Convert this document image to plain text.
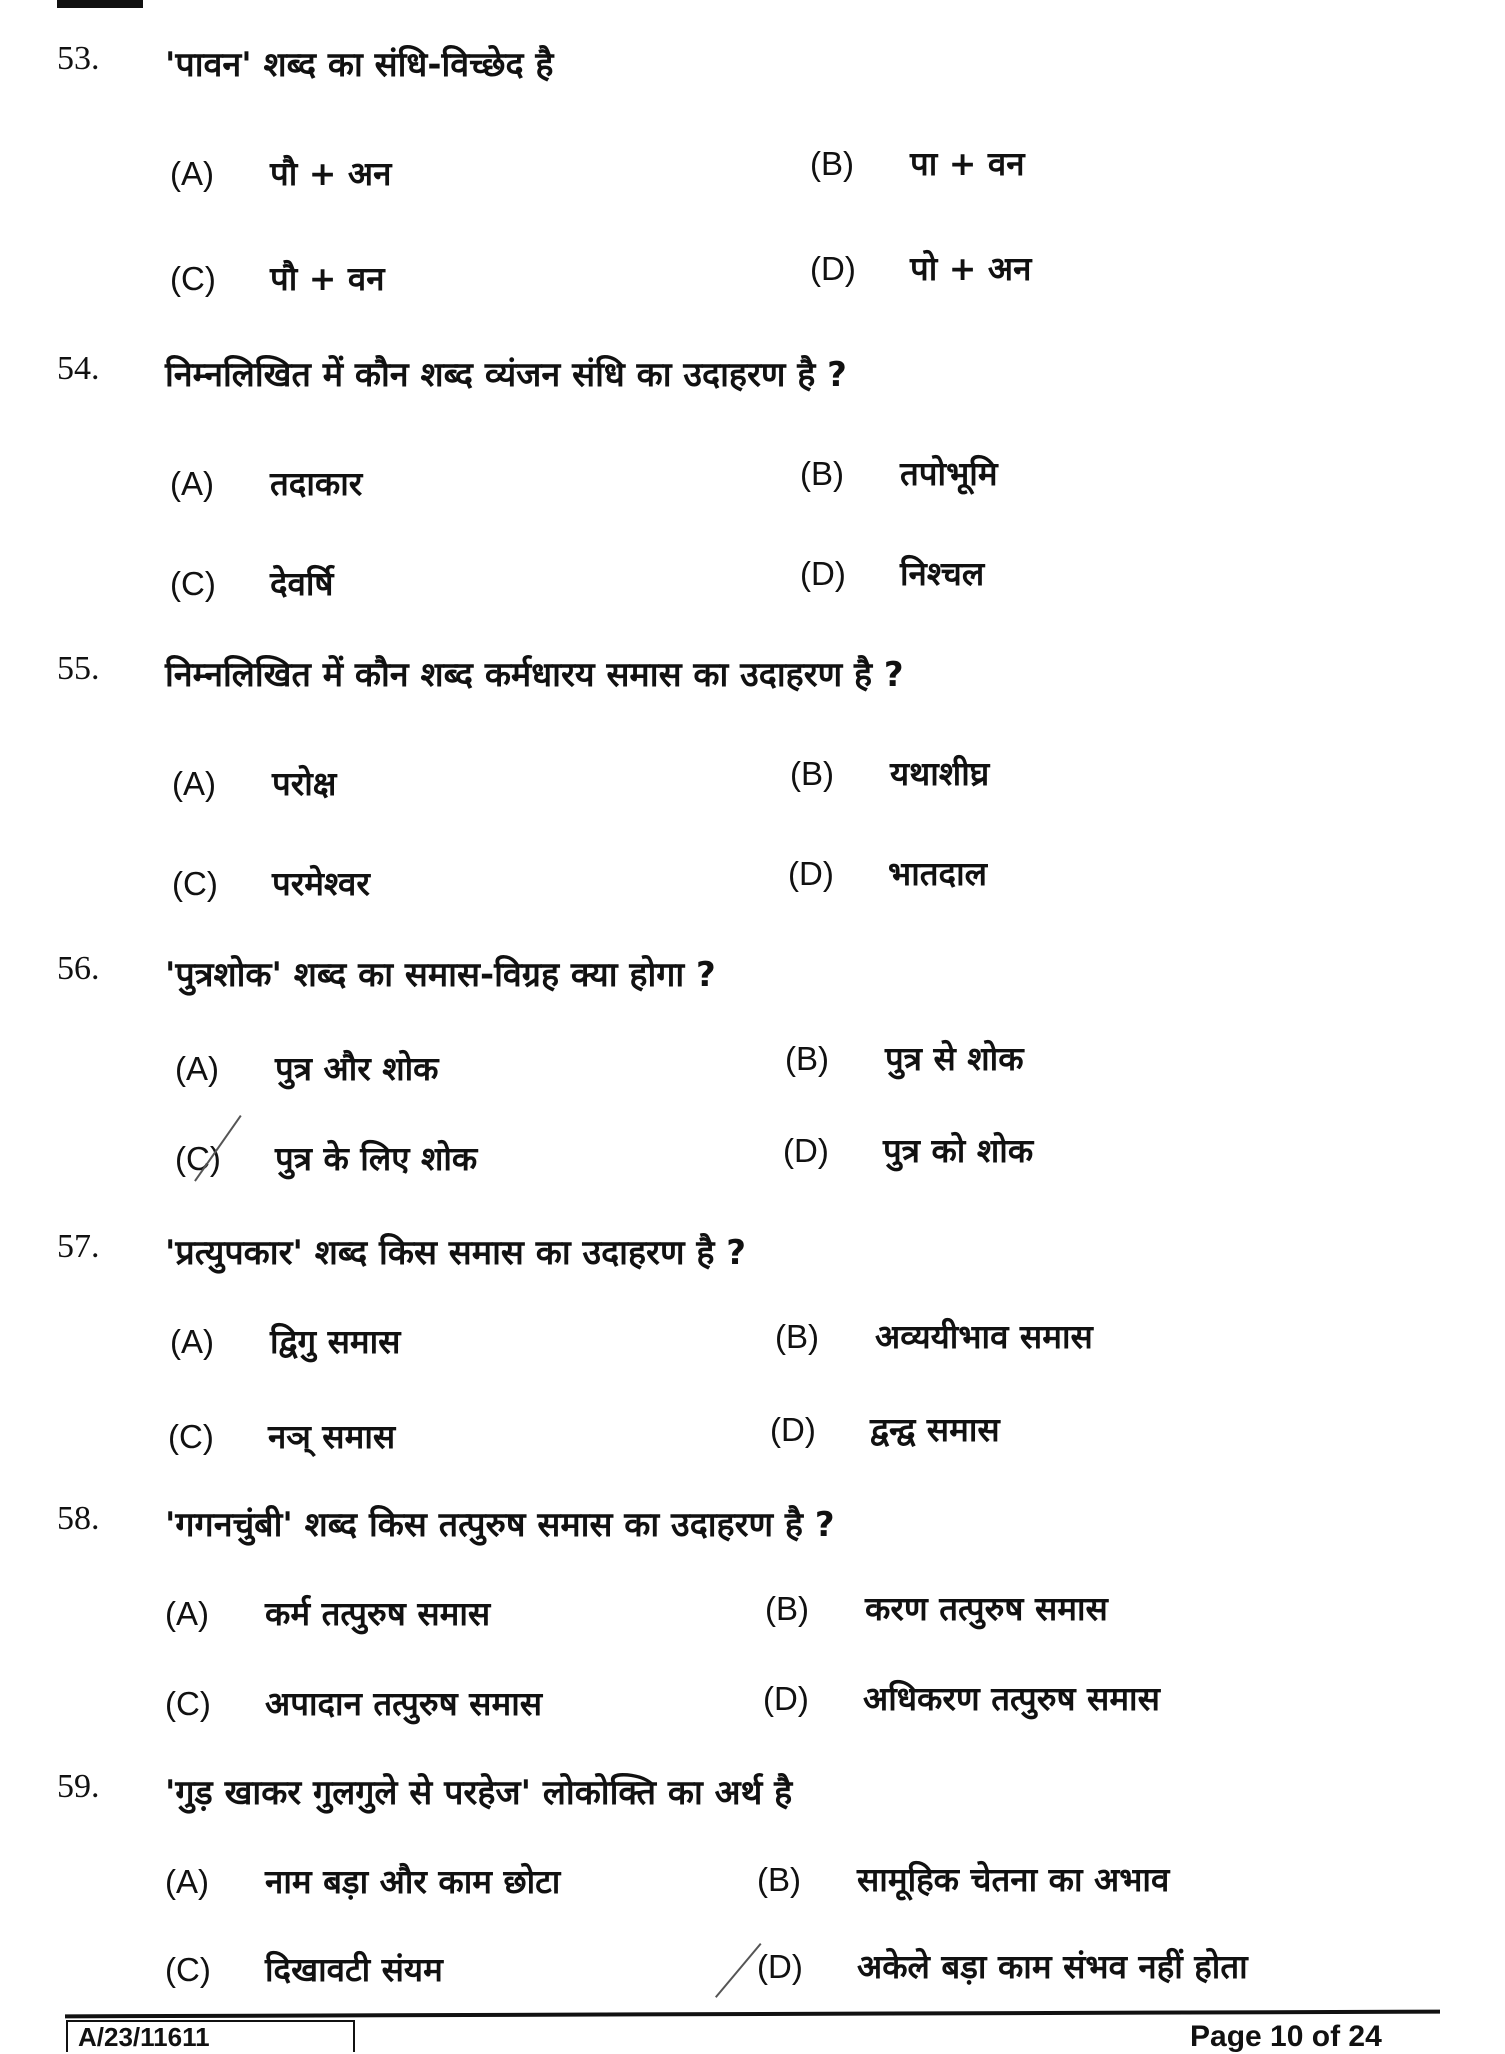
53. 'पावन' शब्द का संधि-विच्छेद है
(A) पौ + अन	(B) पा + वन
(C) पौ + वन	(D) पो + अन
54. निम्नलिखित में कौन शब्द व्यंजन संधि का उदाहरण है ?
(A) तदाकार	(B) तपोभूमि
(C) देवर्षि	(D) निश्चल
55. निम्नलिखित में कौन शब्द कर्मधारय समास का उदाहरण है ?
(A) परोक्ष	(B) यथाशीघ्र
(C) परमेश्वर	(D) भातदाल
56. 'पुत्रशोक' शब्द का समास-विग्रह क्या होगा ?
(A) पुत्र और शोक	(B) पुत्र से शोक
(C) पुत्र के लिए शोक	(D) पुत्र को शोक
57. 'प्रत्युपकार' शब्द किस समास का उदाहरण है ?
(A) द्विगु समास	(B) अव्ययीभाव समास
(C) नञ् समास	(D) द्वन्द्व समास
58. 'गगनचुंबी' शब्द किस तत्पुरुष समास का उदाहरण है ?
(A) कर्म तत्पुरुष समास	(B) करण तत्पुरुष समास
(C) अपादान तत्पुरुष समास	(D) अधिकरण तत्पुरुष समास
59. 'गुड़ खाकर गुलगुले से परहेज' लोकोक्ति का अर्थ है
(A) नाम बड़ा और काम छोटा	(B) सामूहिक चेतना का अभाव
(C) दिखावटी संयम	(D) अकेले बड़ा काम संभव नहीं होता
A/23/11611	Page 10 of 24
